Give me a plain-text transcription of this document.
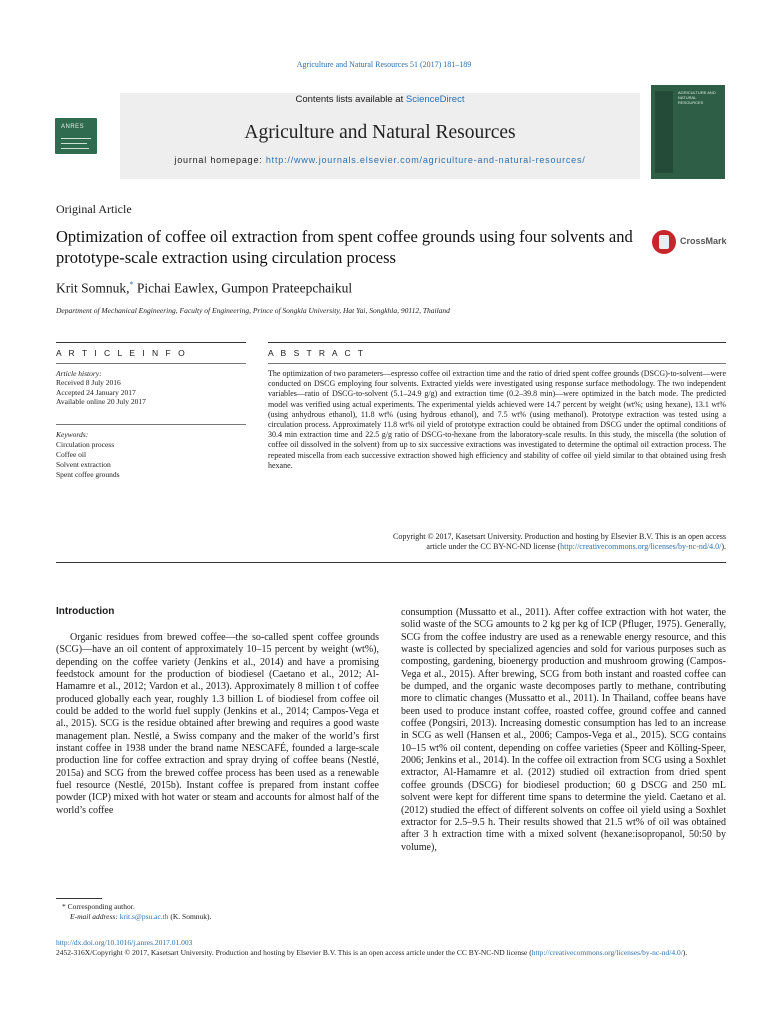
Agriculture and Natural Resources 51 (2017) 181–189
ANRES
Contents lists available at ScienceDirect
Agriculture and Natural Resources
journal homepage: http://www.journals.elsevier.com/agriculture-and-natural-resources/
AGRICULTURE AND NATURAL RESOURCES
Original Article
Optimization of coffee oil extraction from spent coffee grounds using four solvents and prototype-scale extraction using circulation process
CrossMark
Krit Somnuk,* Pichai Eawlex, Gumpon Prateepchaikul
Department of Mechanical Engineering, Faculty of Engineering, Prince of Songkla University, Hat Yai, Songkhla, 90112, Thailand
A R T I C L E I N F O	A B S T R A C T
Article history:
Received 8 July 2016
Accepted 24 January 2017
Available online 20 July 2017
Keywords:
Circulation process
Coffee oil
Solvent extraction
Spent coffee grounds
The optimization of two parameters—espresso coffee oil extraction time and the ratio of dried spent coffee grounds (DSCG)-to-solvent—were conducted on DSCG employing four solvents. Extracted yields were investigated using response surface methodology. The two independent variables—ratio of DSCG-to-solvent (5.1–24.9 g/g) and extraction time (0.2–39.8 min)—were optimized in the batch mode. The predicted model was verified using actual experiments. The experimental yields achieved were 14.7 percent by weight (wt%; using hexane), 13.1 wt% (using anhydrous ethanol), 11.8 wt% (using hydrous ethanol), and 7.5 wt% (using methanol). Prototype extraction was tested using a circulation process. Approximately 11.8 wt% oil yield of prototype extraction could be obtained from DSCG under the optimal conditions of 30.4 min extraction time and 22.5 g/g ratio of DSCG-to-hexane from the laboratory-scale results. In this study, the miscella (the solution of coffee oil dissolved in the solvent) from up to six successive extractions was investigated to determine the optimal oil extraction process. The repeated miscella from each successive extraction showed high efficiency and stability of coffee oil yield similar to that obtained using fresh hexane.
Copyright © 2017, Kasetsart University. Production and hosting by Elsevier B.V. This is an open access
article under the CC BY-NC-ND license (http://creativecommons.org/licenses/by-nc-nd/4.0/).
Introduction
Organic residues from brewed coffee—the so-called spent coffee grounds (SCG)—have an oil content of approximately 10–15 percent by weight (wt%), depending on the coffee variety (Jenkins et al., 2014) and have a promising feedstock amount for the production of biodiesel (Caetano et al., 2012; Al-Hamamre et al., 2012; Vardon et al., 2013). Approximately 8 million t of coffee produced globally each year, roughly 1.3 billion L of biodiesel from coffee oil could be added to the world fuel supply (Jenkins et al., 2014; Campos-Vega et al., 2015). SCG is the residue obtained after brewing and requires a good waste management plan. Nestlé, a Swiss company and the maker of the world’s first instant coffee in 1938 under the brand name NESCAFÉ, founded a large-scale production line for coffee extraction and spray drying of coffee beans (Nestlé, 2015a) and SCG from the brewed coffee process has been used as a renewable fuel resource (Nestlé, 2015b). Instant coffee is prepared from instant coffee powder (ICP) mixed with hot water or steam and accounts for almost half of the world’s coffee
consumption (Mussatto et al., 2011). After coffee extraction with hot water, the solid waste of the SCG amounts to 2 kg per kg of ICP (Pfluger, 1975). Generally, SCG from the coffee industry are used as a renewable energy resource, and this waste is collected by specialized agencies and sold for various purposes such as composting, gardening, bioenergy production and mushroom growing (Campos-Vega et al., 2015). After brewing, SCG from both instant and roasted coffee can be dumped, and the organic waste decomposes partly to methane, contributing more to climatic changes (Mussatto et al., 2011). In Thailand, coffee beans have been used to produce instant coffee, roasted coffee, ground coffee and canned coffee (Pongsiri, 2013). Increasing domestic consumption has led to an increase in SCG as well (Hansen et al., 2006; Campos-Vega et al., 2015). SCG contains 10–15 wt% oil content, depending on coffee varieties (Speer and Kölling-Speer, 2006; Jenkins et al., 2014). In the coffee oil extraction from SCG using a Soxhlet extractor, Al-Hamamre et al. (2012) studied oil extraction from dried spent coffee grounds (DSCG) for biodiesel production; 60 g DSCG and 250 mL solvent were kept for different time spans to determine the yield. Caetano et al. (2012) studied the effect of different solvents on coffee oil yield using a Soxhlet extractor for 2.5–9.5 h. Their results showed that 21.5 wt% of oil was obtained after 3 h extraction time with a mixed solvent (hexane:isopropanol, 50:50 by volume),
* Corresponding author.
E-mail address: krit.s@psu.ac.th (K. Somnuk).
http://dx.doi.org/10.1016/j.anres.2017.01.003
2452-316X/Copyright © 2017, Kasetsart University. Production and hosting by Elsevier B.V. This is an open access article under the CC BY-NC-ND license (http://creativecommons.org/licenses/by-nc-nd/4.0/).
